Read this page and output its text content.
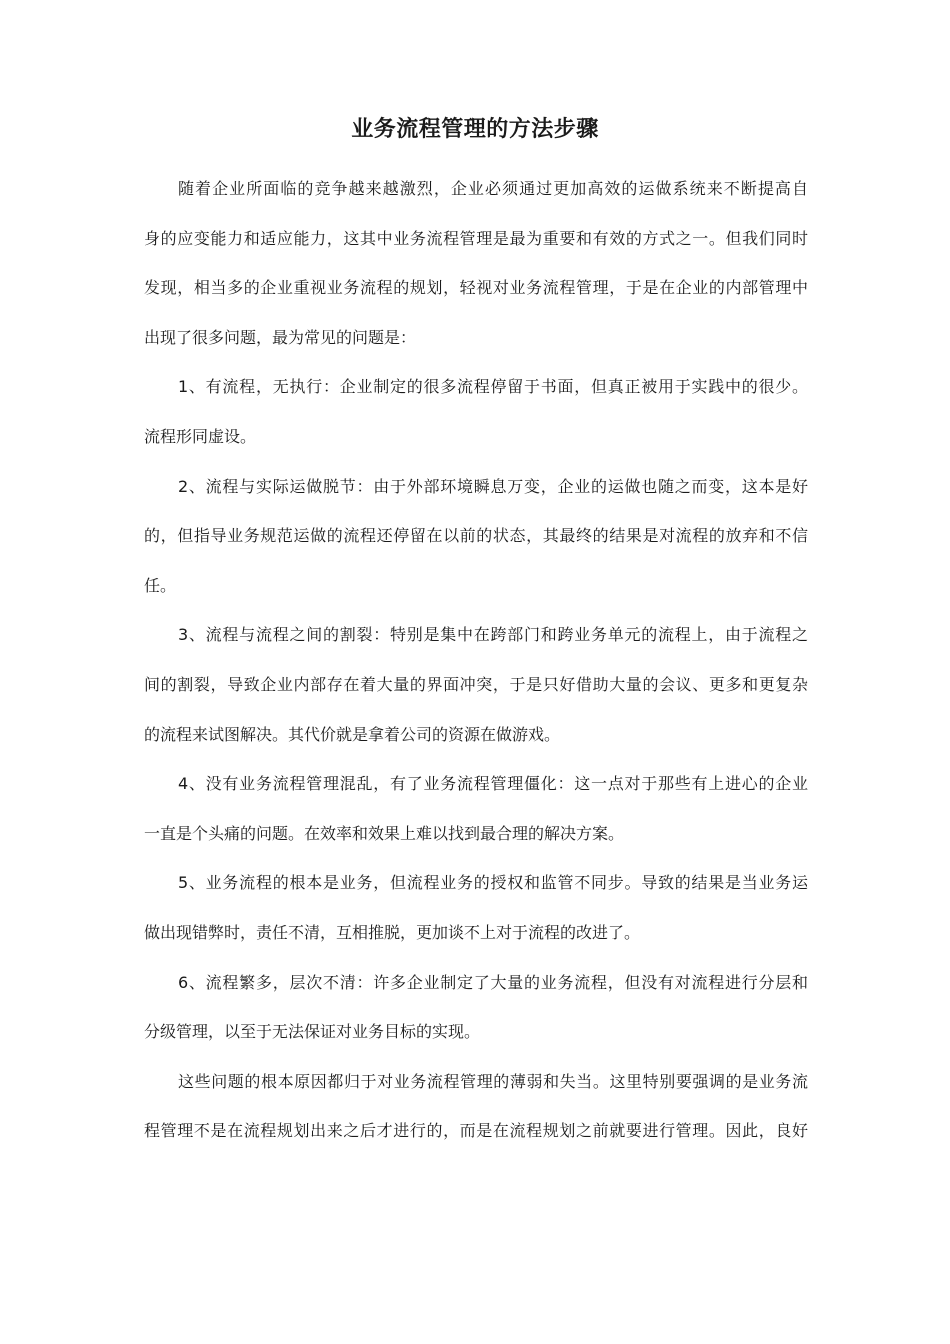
业务流程管理的方法步骤

随着企业所面临的竞争越来越激烈，企业必须通过更加高效的运做系统来不断提高自
身的应变能力和适应能力，这其中业务流程管理是最为重要和有效的方式之一。但我们同时
发现，相当多的企业重视业务流程的规划，轻视对业务流程管理，于是在企业的内部管理中
出现了很多问题，最为常见的问题是：

1、有流程，无执行：企业制定的很多流程停留于书面，但真正被用于实践中的很少。
流程形同虚设。

2、流程与实际运做脱节：由于外部环境瞬息万变，企业的运做也随之而变，这本是好
的，但指导业务规范运做的流程还停留在以前的状态，其最终的结果是对流程的放弃和不信
任。

3、流程与流程之间的割裂：特别是集中在跨部门和跨业务单元的流程上，由于流程之
间的割裂，导致企业内部存在着大量的界面冲突，于是只好借助大量的会议、更多和更复杂
的流程来试图解决。其代价就是拿着公司的资源在做游戏。

4、没有业务流程管理混乱，有了业务流程管理僵化：这一点对于那些有上进心的企业
一直是个头痛的问题。在效率和效果上难以找到最合理的解决方案。

5、业务流程的根本是业务，但流程业务的授权和监管不同步。导致的结果是当业务运
做出现错弊时，责任不清，互相推脱，更加谈不上对于流程的改进了。

6、流程繁多，层次不清：许多企业制定了大量的业务流程，但没有对流程进行分层和
分级管理，以至于无法保证对业务目标的实现。

这些问题的根本原因都归于对业务流程管理的薄弱和失当。这里特别要强调的是业务流
程管理不是在流程规划出来之后才进行的，而是在流程规划之前就要进行管理。因此，良好
